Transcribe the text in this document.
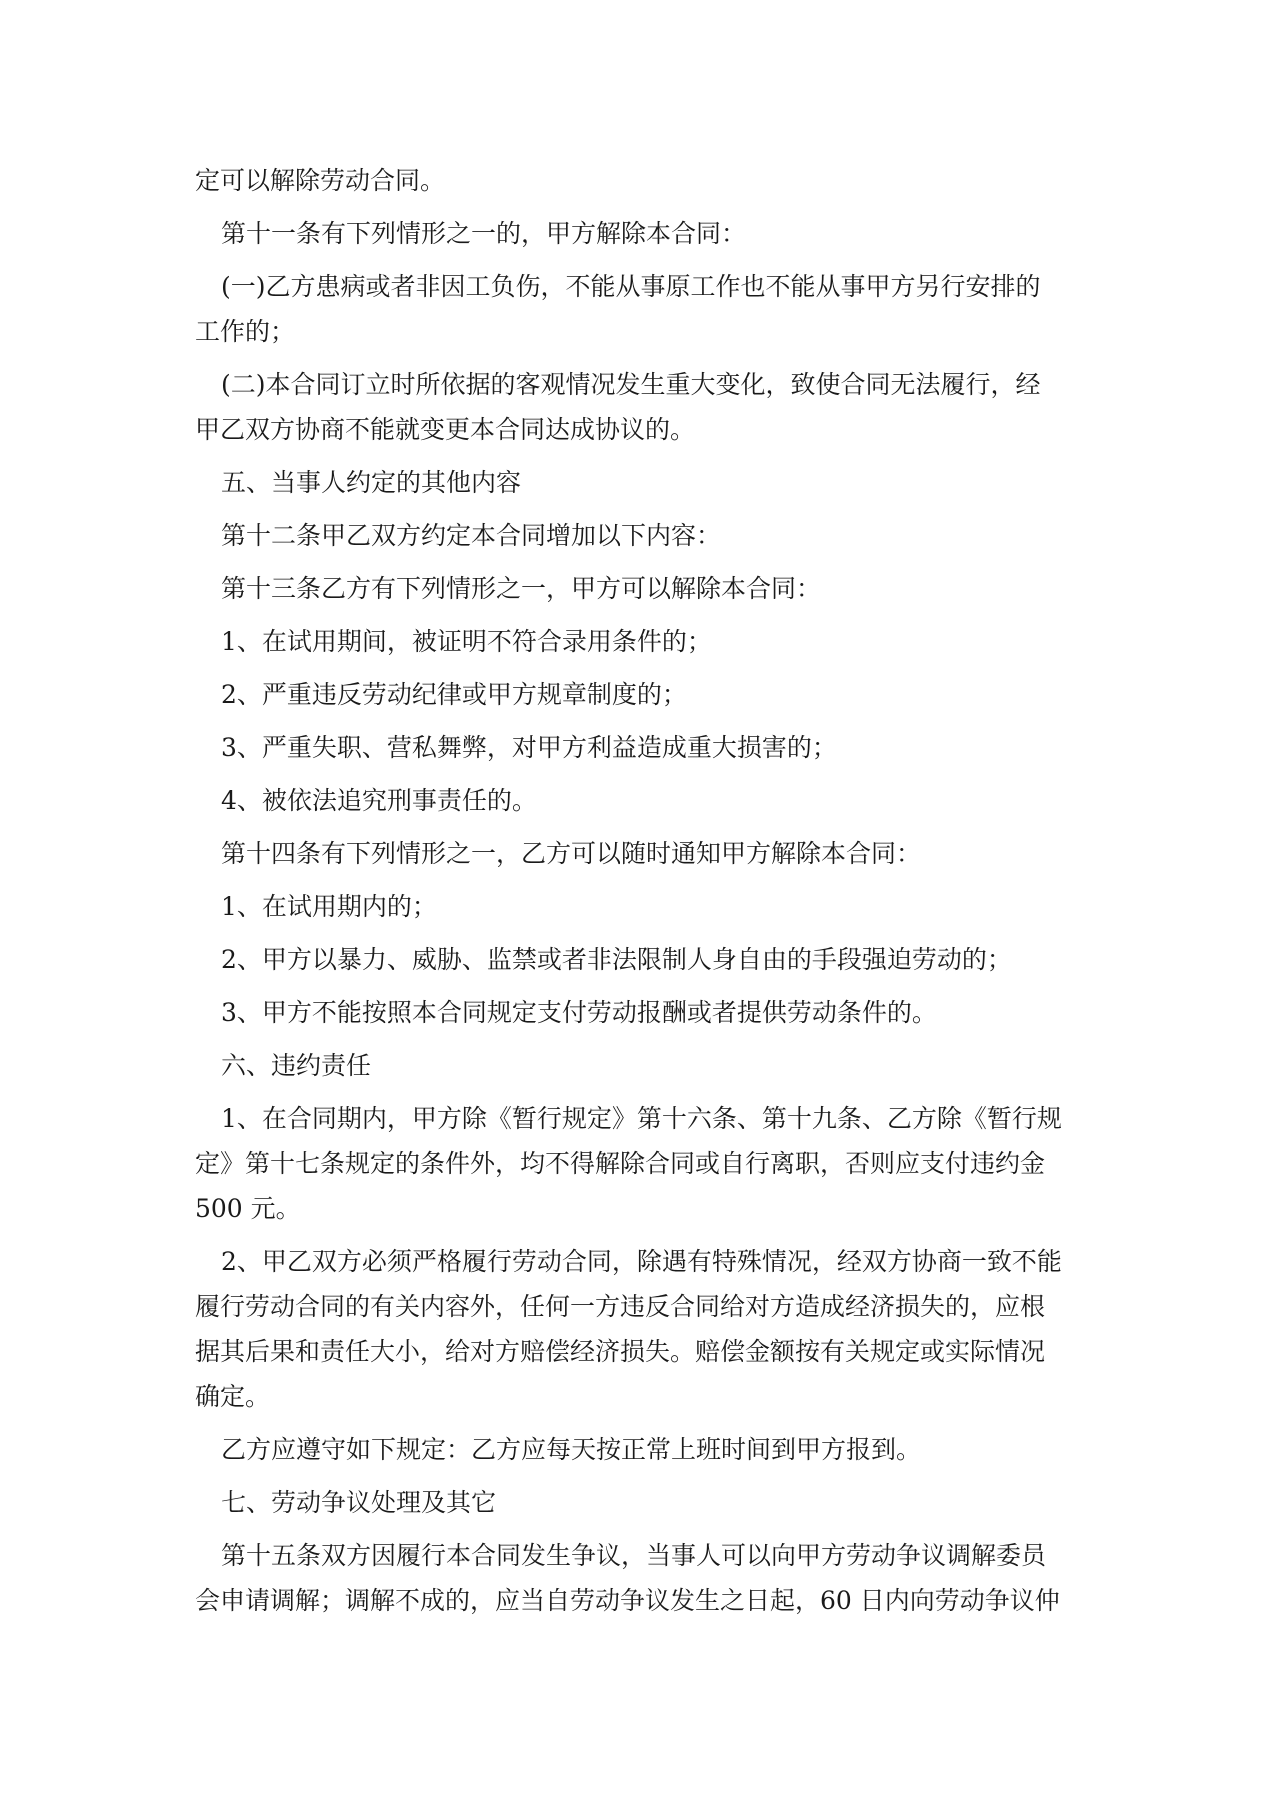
定可以解除劳动合同。
第十一条有下列情形之一的，甲方解除本合同：
(一)乙方患病或者非因工负伤，不能从事原工作也不能从事甲方另行安排的
工作的；
(二)本合同订立时所依据的客观情况发生重大变化，致使合同无法履行，经
甲乙双方协商不能就变更本合同达成协议的。
五、当事人约定的其他内容
第十二条甲乙双方约定本合同增加以下内容：
第十三条乙方有下列情形之一，甲方可以解除本合同：
1、在试用期间，被证明不符合录用条件的；
2、严重违反劳动纪律或甲方规章制度的；
3、严重失职、营私舞弊，对甲方利益造成重大损害的；
4、被依法追究刑事责任的。
第十四条有下列情形之一，乙方可以随时通知甲方解除本合同：
1、在试用期内的；
2、甲方以暴力、威胁、监禁或者非法限制人身自由的手段强迫劳动的；
3、甲方不能按照本合同规定支付劳动报酬或者提供劳动条件的。
六、违约责任
1、在合同期内，甲方除《暂行规定》第十六条、第十九条、乙方除《暂行规
定》第十七条规定的条件外，均不得解除合同或自行离职，否则应支付违约金
500 元。
2、甲乙双方必须严格履行劳动合同，除遇有特殊情况，经双方协商一致不能
履行劳动合同的有关内容外，任何一方违反合同给对方造成经济损失的，应根
据其后果和责任大小，给对方赔偿经济损失。赔偿金额按有关规定或实际情况
确定。
乙方应遵守如下规定：乙方应每天按正常上班时间到甲方报到。
七、劳动争议处理及其它
第十五条双方因履行本合同发生争议，当事人可以向甲方劳动争议调解委员
会申请调解；调解不成的，应当自劳动争议发生之日起，60 日内向劳动争议仲
